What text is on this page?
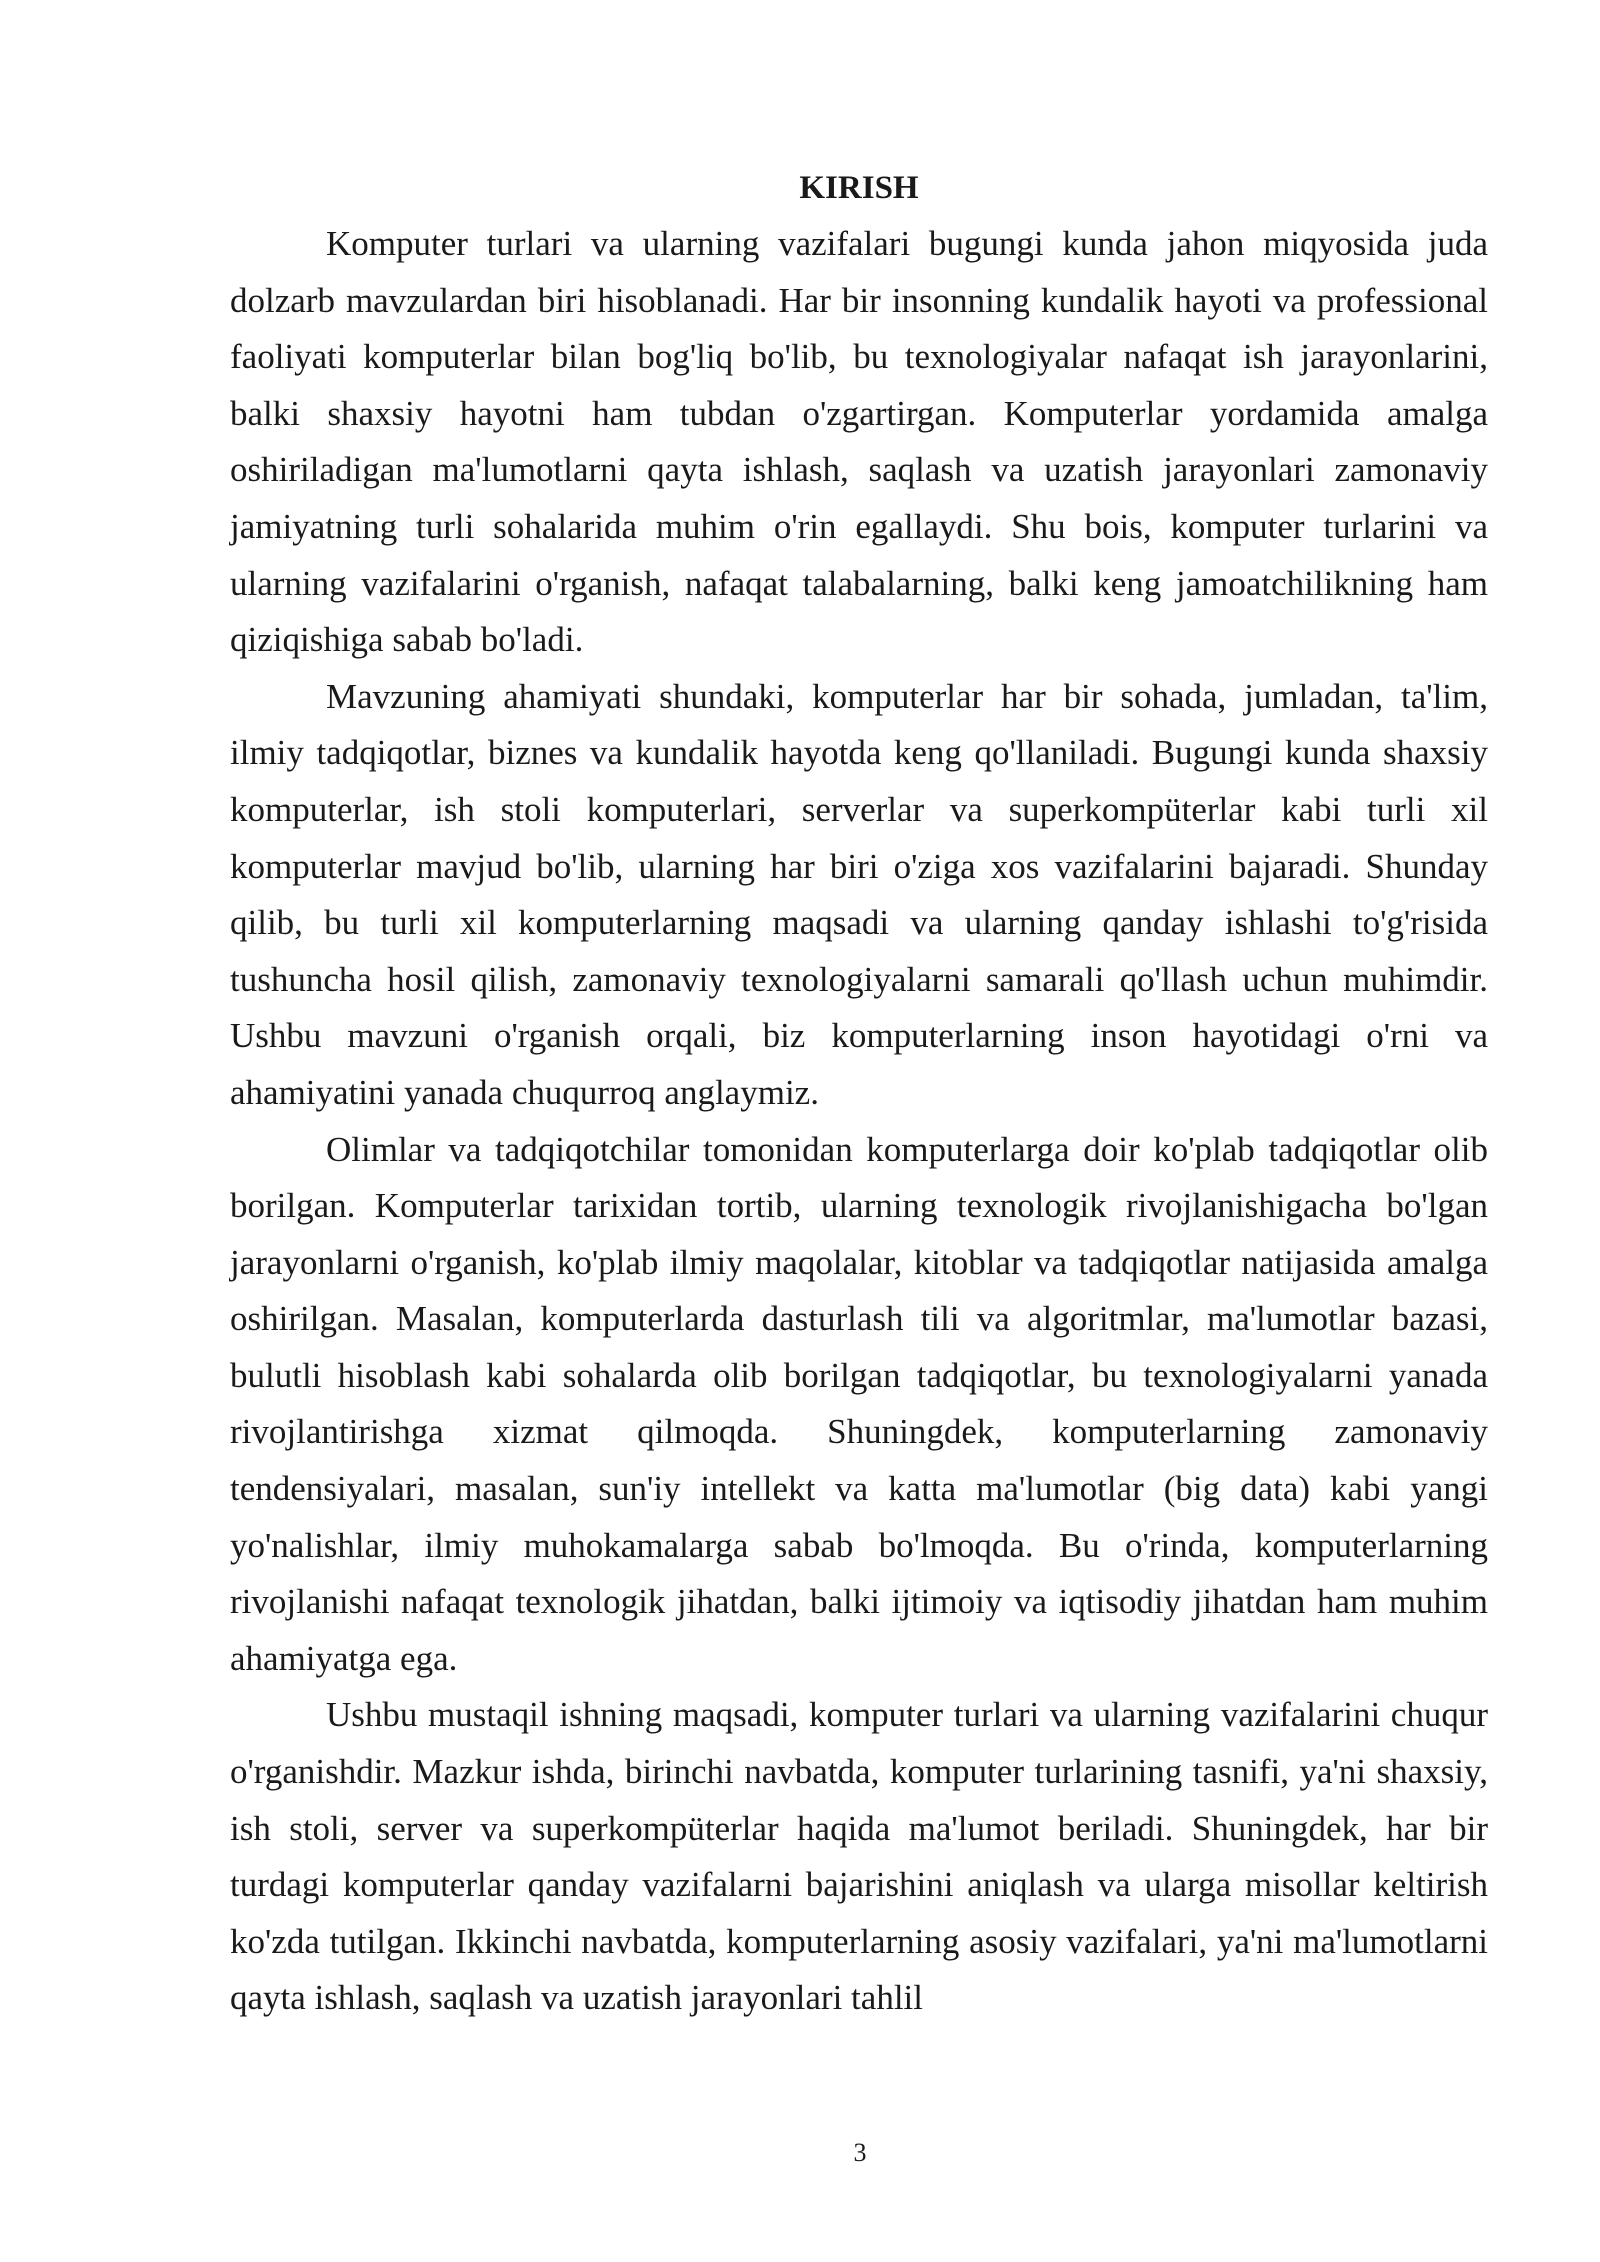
KIRISH

Komputer turlari va ularning vazifalari bugungi kunda jahon miqyosida juda dolzarb mavzulardan biri hisoblanadi. Har bir insonning kundalik hayoti va professional faoliyati komputerlar bilan bog'liq bo'lib, bu texnologiyalar nafaqat ish jarayonlarini, balki shaxsiy hayotni ham tubdan o'zgartirgan. Komputerlar yordamida amalga oshiriladigan ma'lumotlarni qayta ishlash, saqlash va uzatish jarayonlari zamonaviy jamiyatning turli sohalarida muhim o'rin egallaydi. Shu bois, komputer turlarini va ularning vazifalarini o'rganish, nafaqat talabalarning, balki keng jamoatchilikning ham qiziqishiga sabab bo'ladi.

Mavzuning ahamiyati shundaki, komputerlar har bir sohada, jumladan, ta'lim, ilmiy tadqiqotlar, biznes va kundalik hayotda keng qo'llaniladi. Bugungi kunda shaxsiy komputerlar, ish stoli komputerlari, serverlar va superkompüterlar kabi turli xil komputerlar mavjud bo'lib, ularning har biri o'ziga xos vazifalarini bajaradi. Shunday qilib, bu turli xil komputerlarning maqsadi va ularning qanday ishlashi to'g'risida tushuncha hosil qilish, zamonaviy texnologiyalarni samarali qo'llash uchun muhimdir. Ushbu mavzuni o'rganish orqali, biz komputerlarning inson hayotidagi o'rni va ahamiyatini yanada chuqurroq anglaymiz.

Olimlar va tadqiqotchilar tomonidan komputerlarga doir ko'plab tadqiqotlar olib borilgan. Komputerlar tarixidan tortib, ularning texnologik rivojlanishigacha bo'lgan jarayonlarni o'rganish, ko'plab ilmiy maqolalar, kitoblar va tadqiqotlar natijasida amalga oshirilgan. Masalan, komputerlarda dasturlash tili va algoritmlar, ma'lumotlar bazasi, bulutli hisoblash kabi sohalarda olib borilgan tadqiqotlar, bu texnologiyalarni yanada rivojlantirishga xizmat qilmoqda. Shuningdek, komputerlarning zamonaviy tendensiyalari, masalan, sun'iy intellekt va katta ma'lumotlar (big data) kabi yangi yo'nalishlar, ilmiy muhokamalarga sabab bo'lmoqda. Bu o'rinda, komputerlarning rivojlanishi nafaqat texnologik jihatdan, balki ijtimoiy va iqtisodiy jihatdan ham muhim ahamiyatga ega.

Ushbu mustaqil ishning maqsadi, komputer turlari va ularning vazifalarini chuqur o'rganishdir. Mazkur ishda, birinchi navbatda, komputer turlarining tasnifi, ya'ni shaxsiy, ish stoli, server va superkompüterlar haqida ma'lumot beriladi. Shuningdek, har bir turdagi komputerlar qanday vazifalarni bajarishini aniqlash va ularga misollar keltirish ko'zda tutilgan. Ikkinchi navbatda, komputerlarning asosiy vazifalari, ya'ni ma'lumotlarni qayta ishlash, saqlash va uzatish jarayonlari tahlil

3
